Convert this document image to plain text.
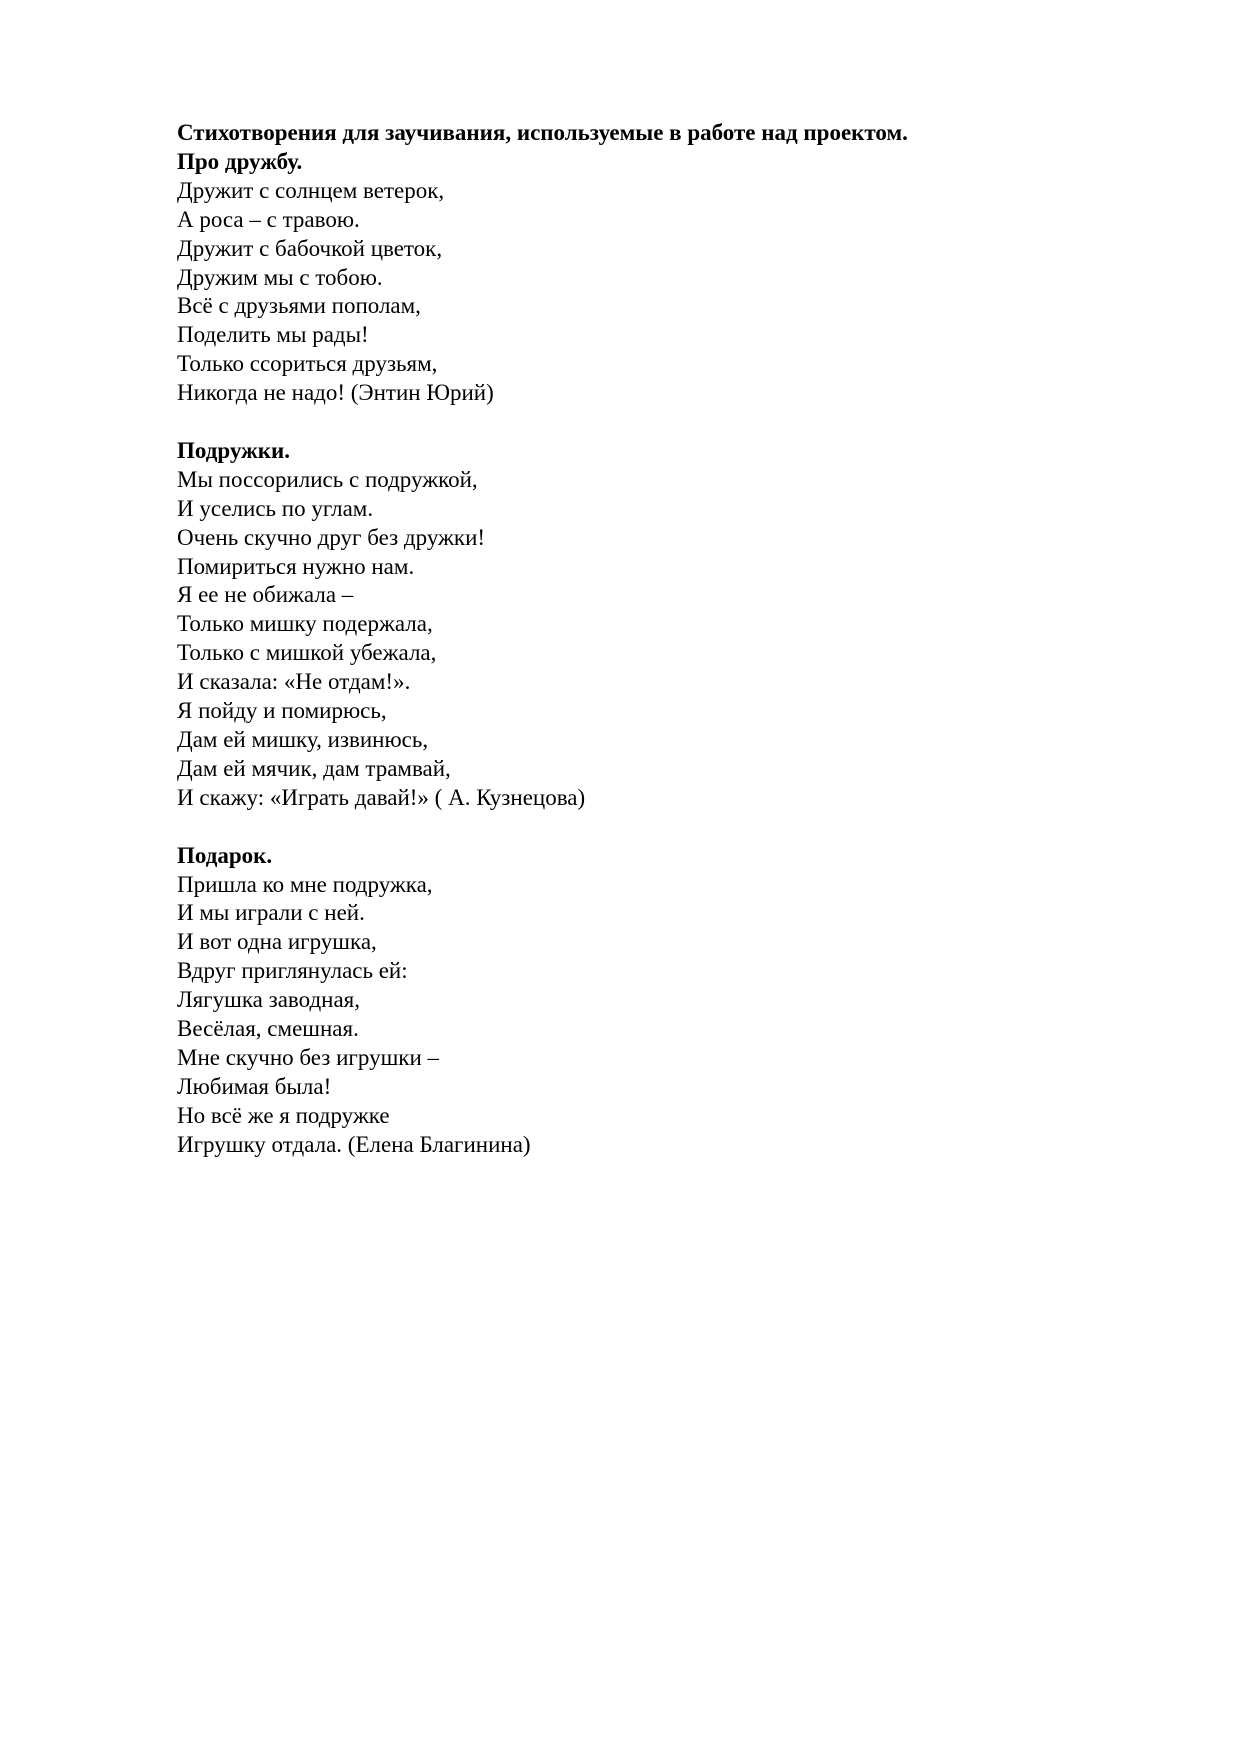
Стихотворения для заучивания, используемые в работе над проектом.
Про дружбу.
Дружит с солнцем ветерок,
А роса – с травою.
Дружит с бабочкой цветок,
Дружим мы с тобою.
Всё с друзьями пополам,
Поделить мы рады!
Только ссориться друзьям,
Никогда не надо! (Энтин Юрий)
Подружки.
Мы поссорились с подружкой,
И уселись по углам.
Очень скучно друг без дружки!
Помириться нужно нам.
Я ее не обижала –
Только мишку подержала,
Только с мишкой убежала,
И сказала: «Не отдам!».
Я пойду и помирюсь,
Дам ей мишку, извинюсь,
Дам ей мячик, дам трамвай,
И скажу: «Играть давай!» ( А. Кузнецова)
Подарок.
Пришла ко мне подружка,
И мы играли с ней.
И вот одна игрушка,
Вдруг приглянулась ей:
Лягушка заводная,
Весёлая, смешная.
Мне скучно без игрушки –
Любимая была!
Но всё же я подружке
Игрушку отдала. (Елена Благинина)
